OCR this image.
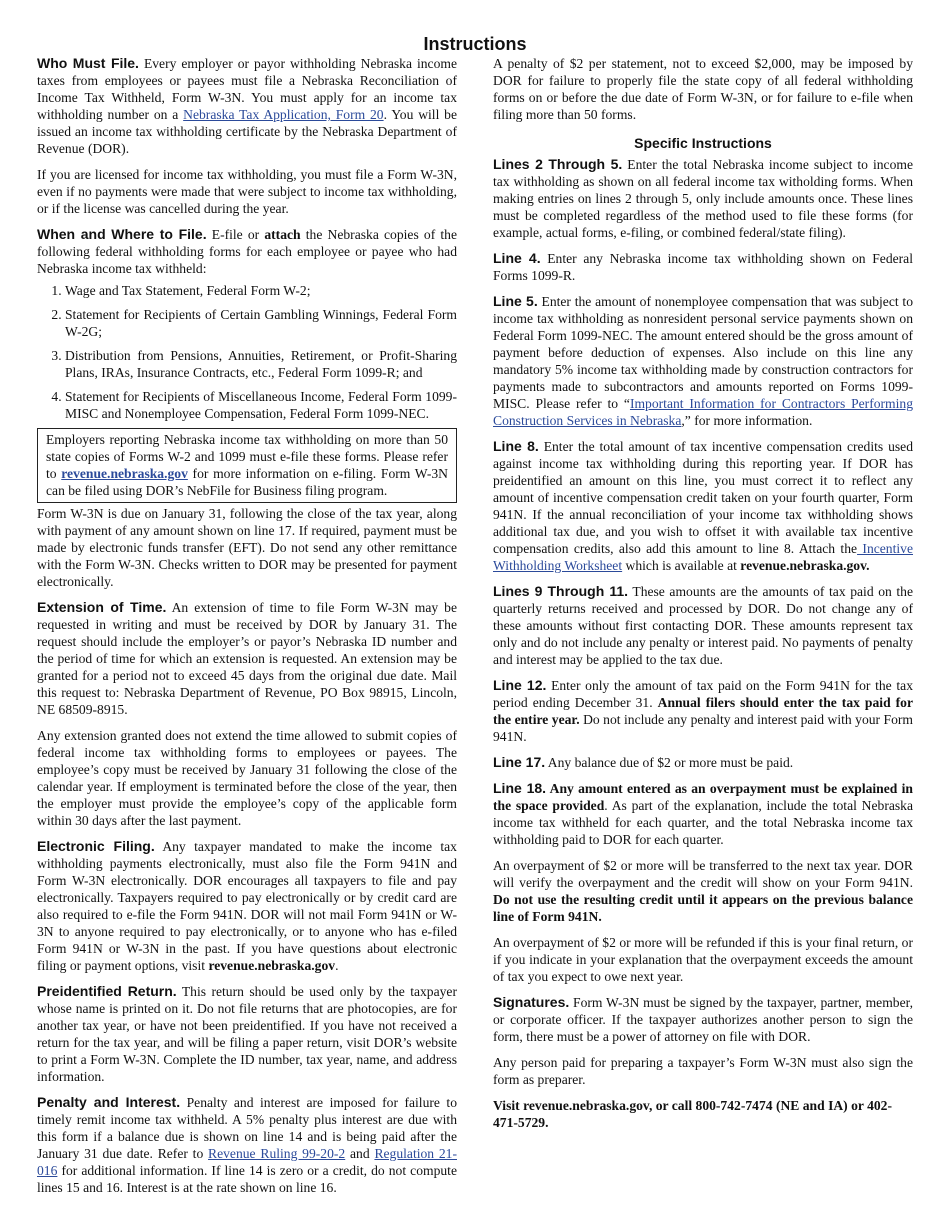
Instructions

Who Must File. Every employer or payor withholding Nebraska income taxes from employees or payees must file a Nebraska Reconciliation of Income Tax Withheld, Form W-3N. You must apply for an income tax withholding number on a Nebraska Tax Application, Form 20. You will be issued an income tax withholding certificate by the Nebraska Department of Revenue (DOR).

If you are licensed for income tax withholding, you must file a Form W-3N, even if no payments were made that were subject to income tax withholding, or if the license was cancelled during the year.

When and Where to File. E-file or attach the Nebraska copies of the following federal withholding forms for each employee or payee who had Nebraska income tax withheld:

1. Wage and Tax Statement, Federal Form W-2;
2. Statement for Recipients of Certain Gambling Winnings, Federal Form W-2G;
3. Distribution from Pensions, Annuities, Retirement, or Profit-Sharing Plans, IRAs, Insurance Contracts, etc., Federal Form 1099-R; and
4. Statement for Recipients of Miscellaneous Income, Federal Form 1099-MISC and Nonemployee Compensation, Federal Form 1099-NEC.

Employers reporting Nebraska income tax withholding on more than 50 state copies of Forms W-2 and 1099 must e-file these forms. Please refer to revenue.nebraska.gov for more information on e-filing. Form W-3N can be filed using DOR’s NebFile for Business filing program.

Form W-3N is due on January 31, following the close of the tax year, along with payment of any amount shown on line 17. If required, payment must be made by electronic funds transfer (EFT). Do not send any other remittance with the Form W-3N. Checks written to DOR may be presented for payment electronically.

Extension of Time. An extension of time to file Form W-3N may be requested in writing and must be received by DOR by January 31. The request should include the employer’s or payor’s Nebraska ID number and the period of time for which an extension is requested. An extension may be granted for a period not to exceed 45 days from the original due date. Mail this request to: Nebraska Department of Revenue, PO Box 98915, Lincoln, NE 68509-8915.

Any extension granted does not extend the time allowed to submit copies of federal income tax withholding forms to employees or payees. The employee’s copy must be received by January 31 following the close of the calendar year. If employment is terminated before the close of the year, then the employer must provide the employee’s copy of the applicable form within 30 days after the last payment.

Electronic Filing. Any taxpayer mandated to make the income tax withholding payments electronically, must also file the Form 941N and Form W-3N electronically. DOR encourages all taxpayers to file and pay electronically. Taxpayers required to pay electronically or by credit card are also required to e-file the Form 941N. DOR will not mail Form 941N or W-3N to anyone required to pay electronically, or to anyone who has e-filed Form 941N or W-3N in the past. If you have questions about electronic filing or payment options, visit revenue.nebraska.gov.

Preidentified Return. This return should be used only by the taxpayer whose name is printed on it. Do not file returns that are photocopies, are for another tax year, or have not been preidentified. If you have not received a return for the tax year, and will be filing a paper return, visit DOR’s website to print a Form W-3N. Complete the ID number, tax year, name, and address information.

Penalty and Interest. Penalty and interest are imposed for failure to timely remit income tax withheld. A 5% penalty plus interest are due with this form if a balance due is shown on line 14 and is being paid after the January 31 due date. Refer to Revenue Ruling 99-20-2 and Regulation 21-016 for additional information. If line 14 is zero or a credit, do not compute lines 15 and 16. Interest is at the rate shown on line 16.

A penalty of $2 per statement, not to exceed $2,000, may be imposed by DOR for failure to properly file the state copy of all federal withholding forms on or before the due date of Form W-3N, or for failure to e-file when filing more than 50 forms.

Specific Instructions

Lines 2 Through 5. Enter the total Nebraska income subject to income tax withholding as shown on all federal income tax witholding forms. When making entries on lines 2 through 5, only include amounts once. These lines must be completed regardless of the method used to file these forms (for example, actual forms, e-filing, or combined federal/state filing).

Line 4. Enter any Nebraska income tax withholding shown on Federal Forms 1099-R.

Line 5. Enter the amount of nonemployee compensation that was subject to income tax withholding as nonresident personal service payments shown on Federal Form 1099-NEC. The amount entered should be the gross amount of payment before deduction of expenses. Also include on this line any mandatory 5% income tax withholding made by construction contractors for payments made to subcontractors and amounts reported on Forms 1099-MISC. Please refer to “Important Information for Contractors Performing Construction Services in Nebraska,” for more information.

Line 8. Enter the total amount of tax incentive compensation credits used against income tax withholding during this reporting year. If DOR has preidentified an amount on this line, you must correct it to reflect any amount of incentive compensation credit taken on your fourth quarter, Form 941N. If the annual reconciliation of your income tax withholding shows additional tax due, and you wish to offset it with available tax incentive compensation credits, also add this amount to line 8. Attach the Incentive Withholding Worksheet which is available at revenue.nebraska.gov.

Lines 9 Through 11. These amounts are the amounts of tax paid on the quarterly returns received and processed by DOR. Do not change any of these amounts without first contacting DOR. These amounts represent tax only and do not include any penalty or interest paid. No payments of penalty and interest may be applied to the tax due.

Line 12. Enter only the amount of tax paid on the Form 941N for the tax period ending December 31. Annual filers should enter the tax paid for the entire year. Do not include any penalty and interest paid with your Form 941N.

Line 17. Any balance due of $2 or more must be paid.

Line 18. Any amount entered as an overpayment must be explained in the space provided. As part of the explanation, include the total Nebraska income tax withheld for each quarter, and the total Nebraska income tax withholding paid to DOR for each quarter.

An overpayment of $2 or more will be transferred to the next tax year. DOR will verify the overpayment and the credit will show on your Form 941N. Do not use the resulting credit until it appears on the previous balance line of Form 941N.

An overpayment of $2 or more will be refunded if this is your final return, or if you indicate in your explanation that the overpayment exceeds the amount of tax you expect to owe next year.

Signatures. Form W-3N must be signed by the taxpayer, partner, member, or corporate officer. If the taxpayer authorizes another person to sign the form, there must be a power of attorney on file with DOR.

Any person paid for preparing a taxpayer’s Form W-3N must also sign the form as preparer.

Visit revenue.nebraska.gov, or call 800-742-7474 (NE and IA) or 402-471-5729.
